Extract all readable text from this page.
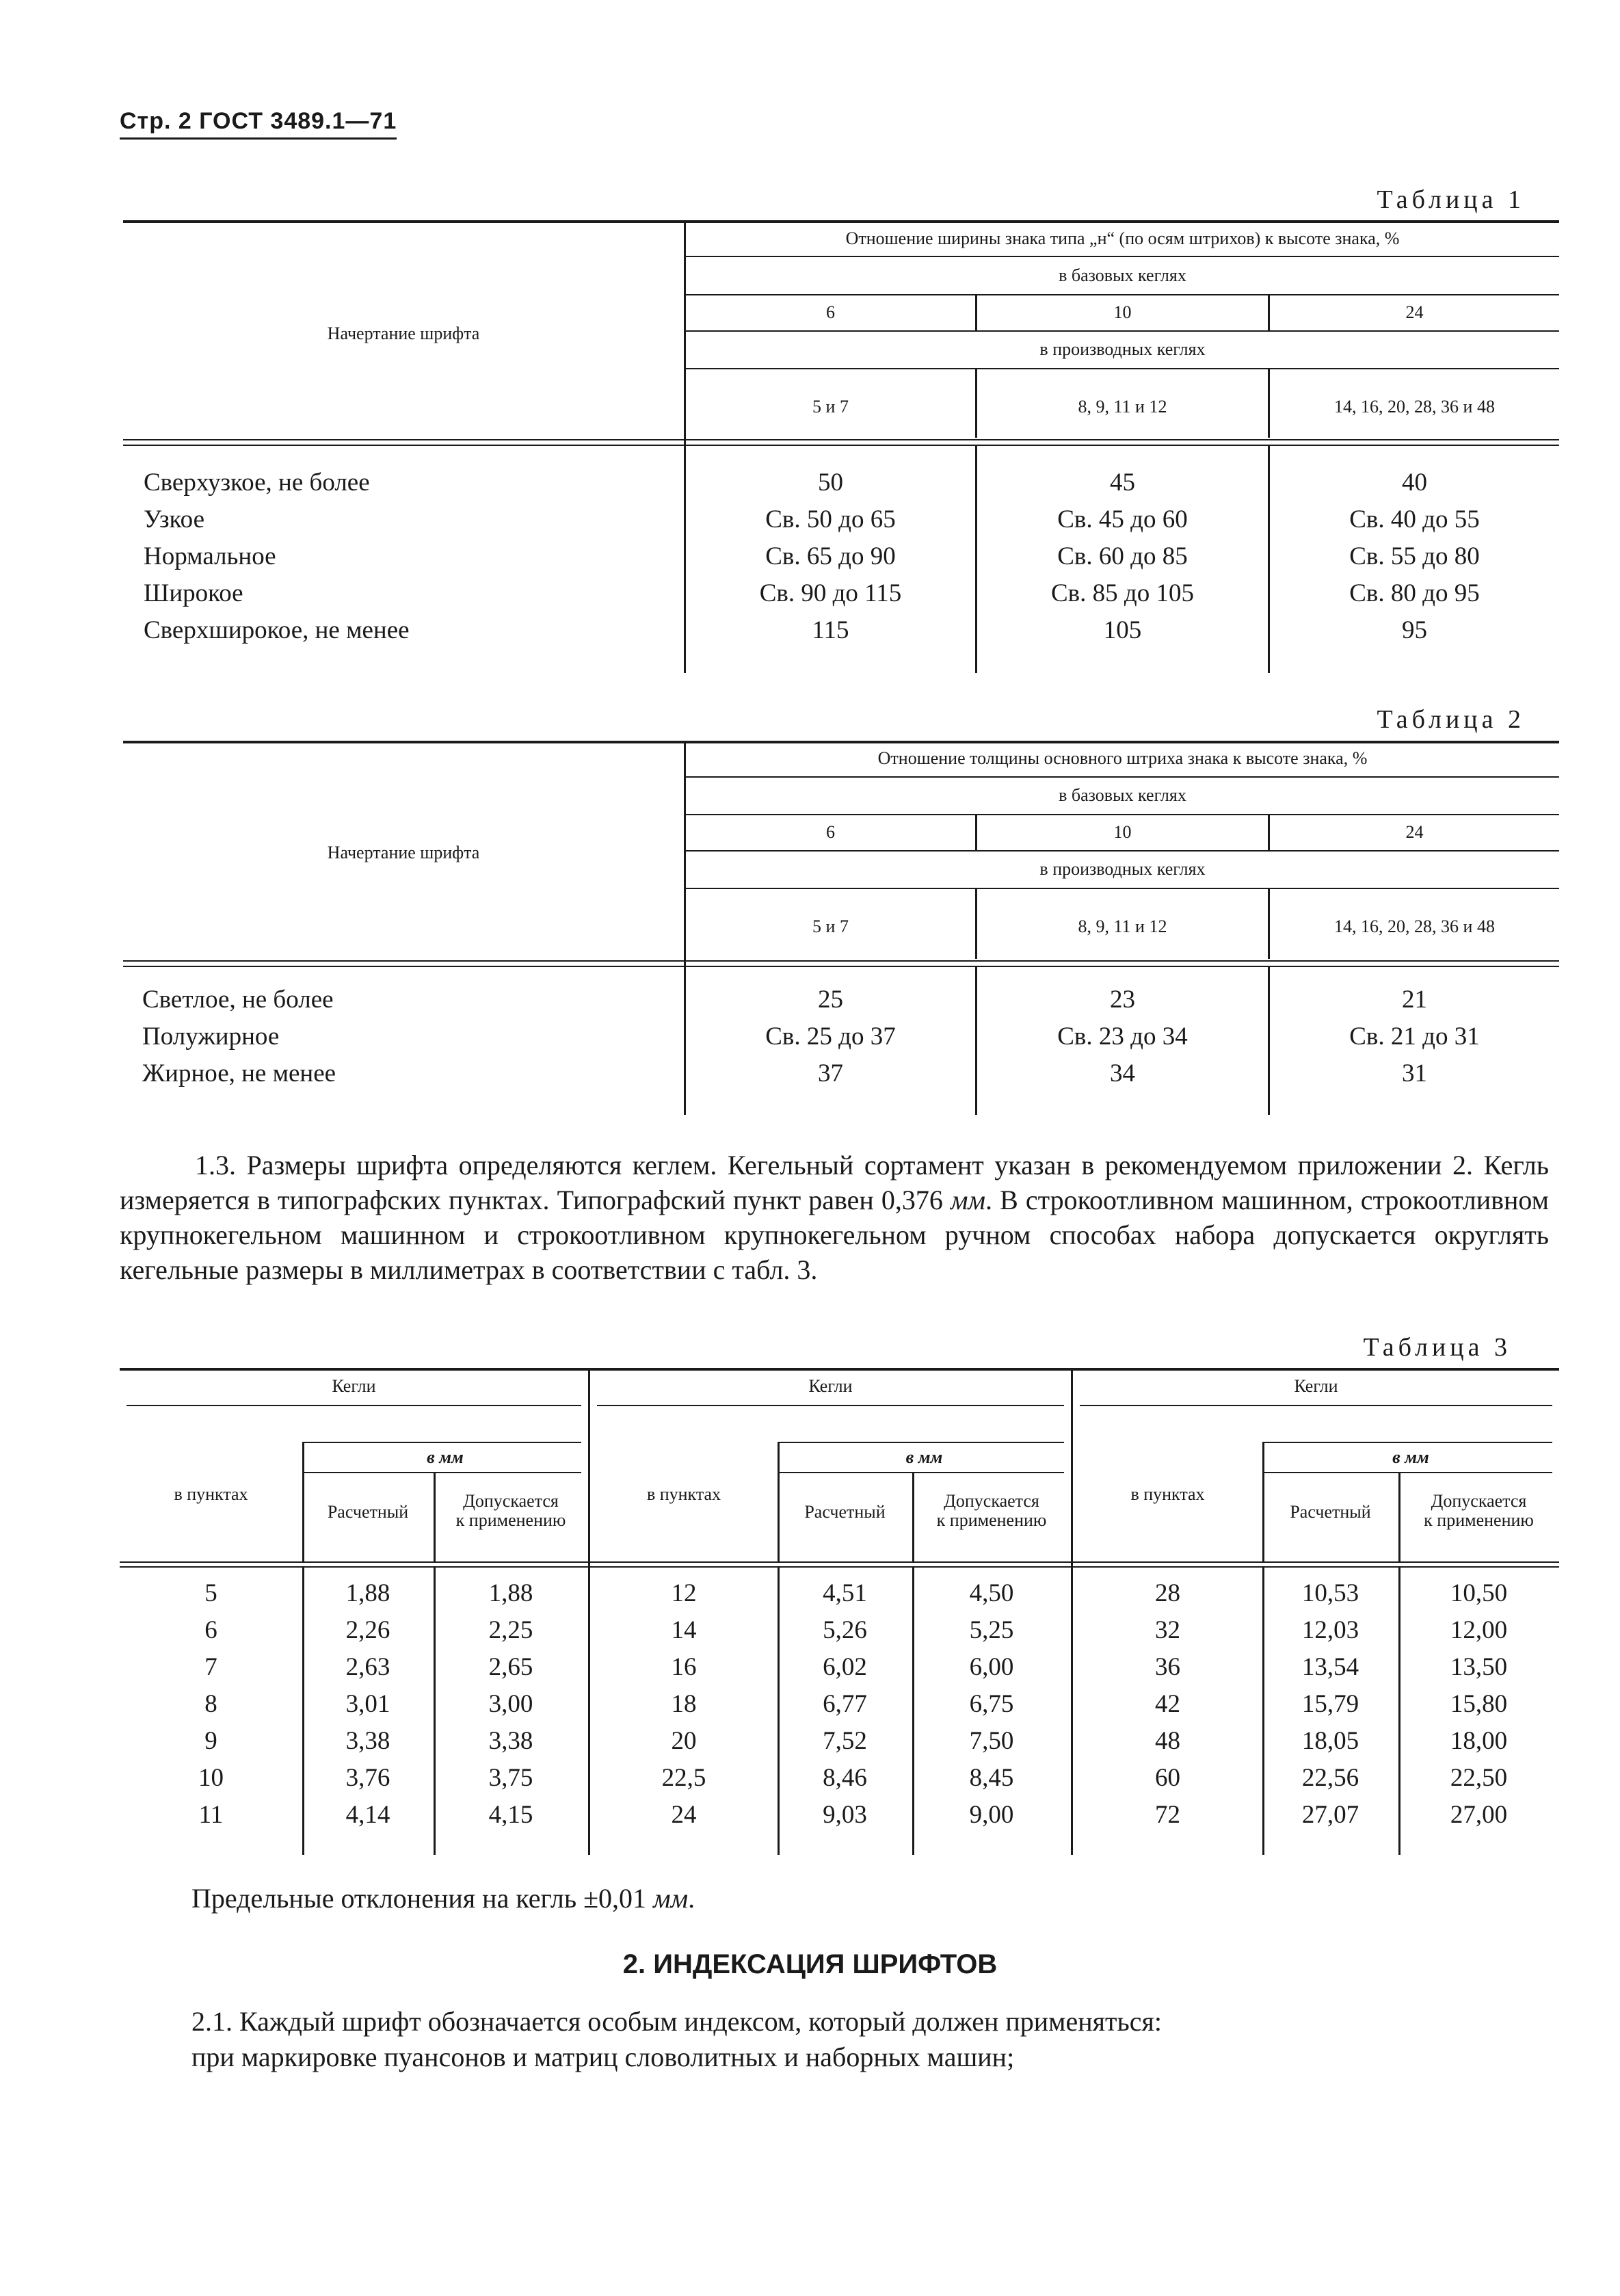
Стр. 2 ГОСТ 3489.1—71
Таблица 1
Начертание шрифта
Отношение ширины знака типа „н“ (по осям штрихов) к высоте знака, %
в базовых кеглях
6	10	24
в производных кеглях
5 и 7	8, 9, 11 и 12	14, 16, 20, 28, 36 и 48
Сверхузкое, не более	50	45	40
Узкое	Св. 50 до 65	Св. 45 до 60	Св. 40 до 55
Нормальное	Св. 65 до 90	Св. 60 до 85	Св. 55 до 80
Широкое	Св. 90 до 115	Св. 85 до 105	Св. 80 до 95
Сверхширокое, не менее	115	105	95
Таблица 2
Начертание шрифта
Отношение толщины основного штриха знака к высоте знака, %
в базовых кеглях
6	10	24
в производных кеглях
5 и 7	8, 9, 11 и 12	14, 16, 20, 28, 36 и 48
Светлое, не более	25	23	21
Полужирное	Св. 25 до 37	Св. 23 до 34	Св. 21 до 31
Жирное, не менее	37	34	31
1.3. Размеры шрифта определяются кеглем. Кегельный сортамент указан в рекомендуемом приложении 2. Кегль измеряется в типографских пунктах. Типографский пункт равен 0,376 мм. В строкоотливном машинном, строкоотливном крупнокегельном машинном и строкоотливном крупнокегельном ручном способах набора допускается округлять кегельные размеры в миллиметрах в соответствии с табл. 3.
Таблица 3
Кегли
в пунктах
в мм
Расчетный
Допускается
к применению
5	1,88	1,88
6	2,26	2,25
7	2,63	2,65
8	3,01	3,00
9	3,38	3,38
10	3,76	3,75
11	4,14	4,15
Кегли
в пунктах
в мм
Расчетный
Допускается
к применению
12	4,51	4,50
14	5,26	5,25
16	6,02	6,00
18	6,77	6,75
20	7,52	7,50
22,5	8,46	8,45
24	9,03	9,00
Кегли
в пунктах
в мм
Расчетный
Допускается
к применению
28	10,53	10,50
32	12,03	12,00
36	13,54	13,50
42	15,79	15,80
48	18,05	18,00
60	22,56	22,50
72	27,07	27,00
Предельные отклонения на кегль ±0,01 мм.
2. ИНДЕКСАЦИЯ ШРИФТОВ
2.1. Каждый шрифт обозначается особым индексом, который должен применяться:
при маркировке пуансонов и матриц словолитных и наборных машин;
